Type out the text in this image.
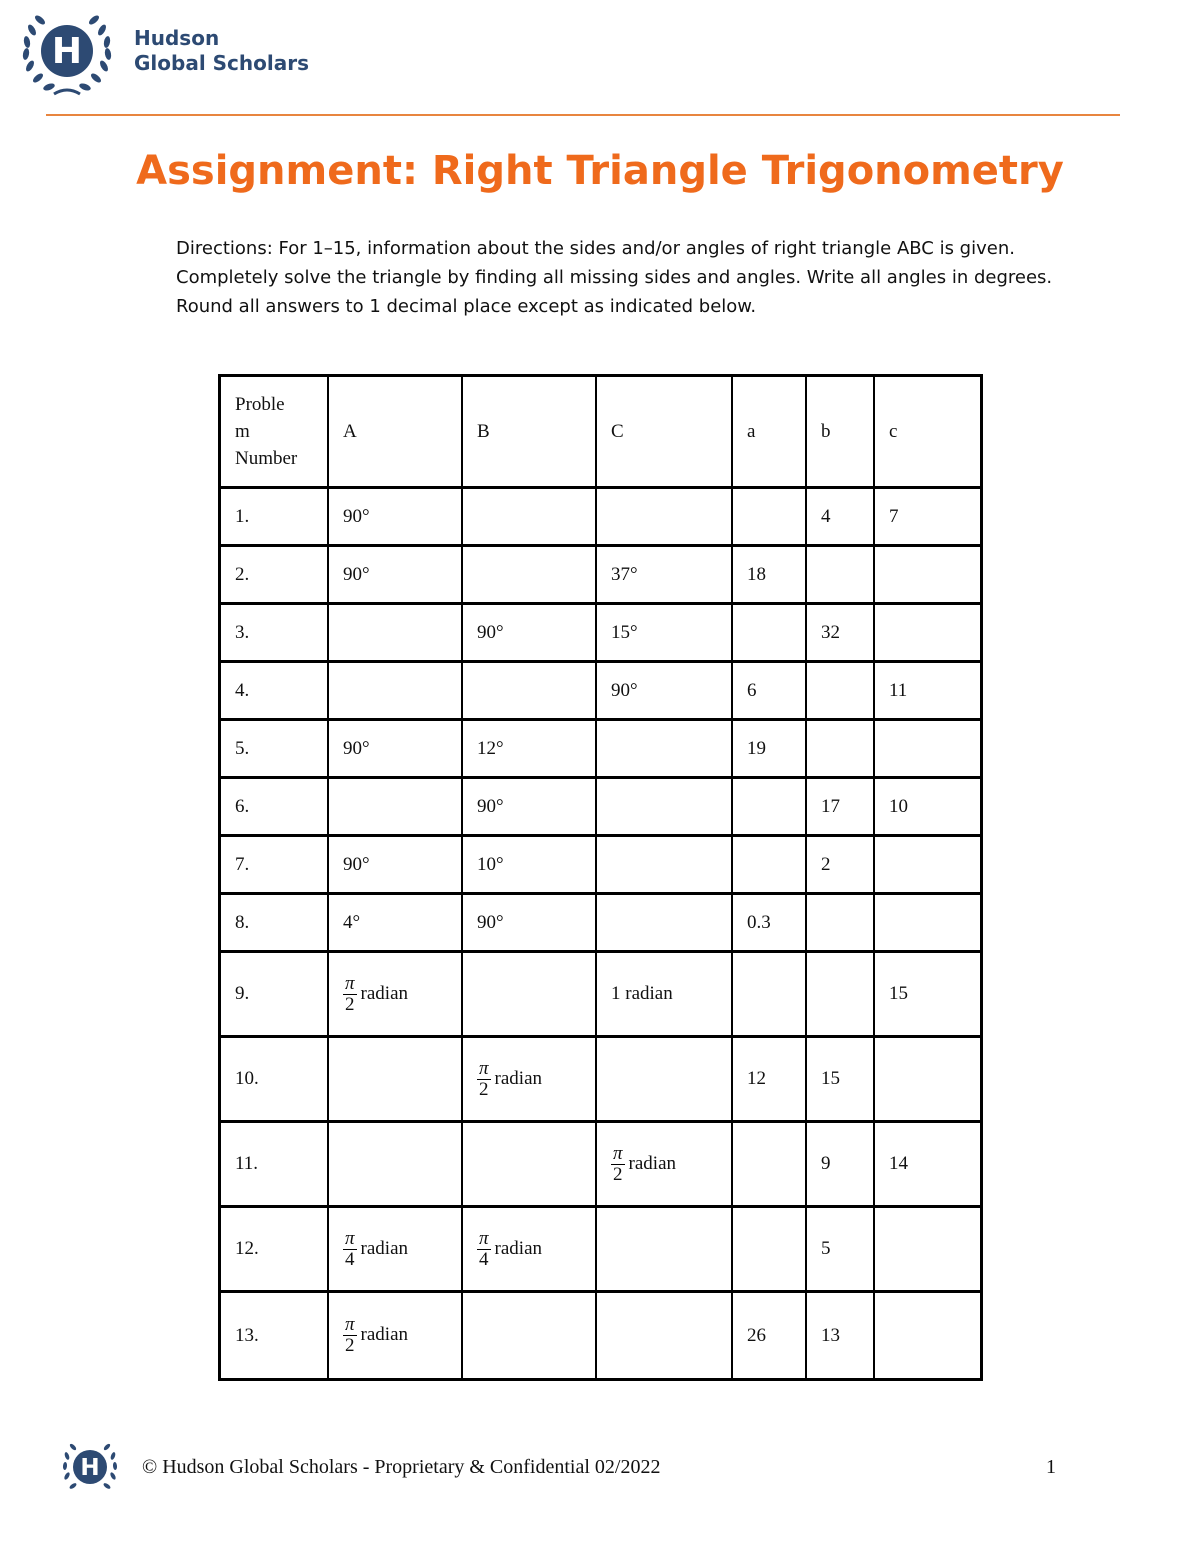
H	Hudson
Global Scholars
Assignment: Right Triangle Trigonometry
Directions: For 1–15, information about the sides and/or angles of right triangle ABC is given. Completely solve the triangle by finding all missing sides and angles. Write all angles in degrees. Round all answers to 1 decimal place except as indicated below.
Proble
m
Number	A	B	C	a	b	c
1.	90°				4	7
2.	90°		37°	18		
3.		90°	15°		32	
4.			90°	6		11
5.	90°	12°		19		
6.		90°			17	10
7.	90°	10°			2	
8.	4°	90°		0.3		
9.	$\frac{\pi}{2}$ radian		1 radian			15
10.		$\frac{\pi}{2}$ radian		12	15	
11.			$\frac{\pi}{2}$ radian		9	14
12.	$\frac{\pi}{4}$ radian	$\frac{\pi}{4}$ radian			5	
13.	$\frac{\pi}{2}$ radian			26	13	
H © Hudson Global Scholars - Proprietary & Confidential 02/2022	1
